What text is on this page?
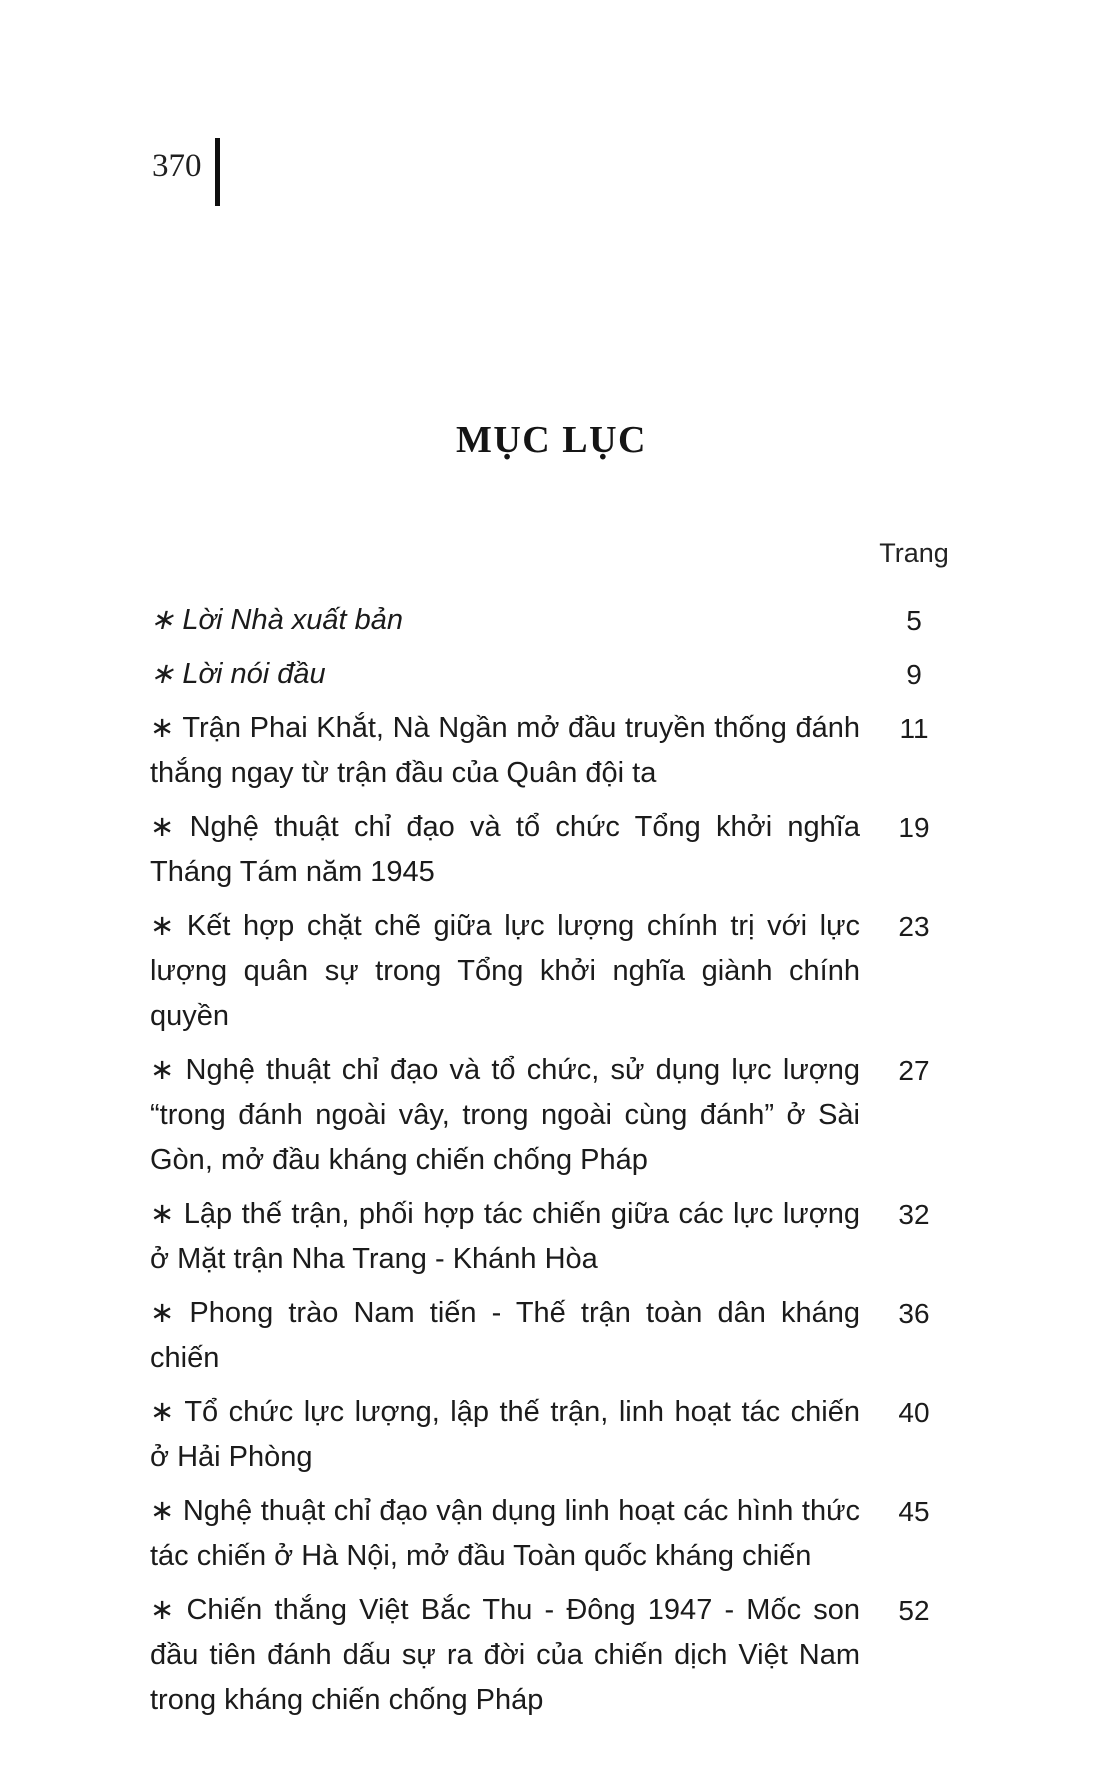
370
MỤC LỤC
Trang
∗ Lời Nhà xuất bản	5
∗ Lời nói đầu	9
∗ Trận Phai Khắt, Nà Ngần mở đầu truyền thống đánh thắng ngay từ trận đầu của Quân đội ta
11
∗ Nghệ thuật chỉ đạo và tổ chức Tổng khởi nghĩa Tháng Tám năm 1945
19
∗ Kết hợp chặt chẽ giữa lực lượng chính trị với lực lượng quân sự trong Tổng khởi nghĩa giành chính quyền
23
∗ Nghệ thuật chỉ đạo và tổ chức, sử dụng lực lượng “trong đánh ngoài vây, trong ngoài cùng đánh” ở Sài Gòn, mở đầu kháng chiến chống Pháp
27
∗ Lập thế trận, phối hợp tác chiến giữa các lực lượng ở Mặt trận Nha Trang - Khánh Hòa
32
∗ Phong trào Nam tiến - Thế trận toàn dân kháng chiến
36
∗ Tổ chức lực lượng, lập thế trận, linh hoạt tác chiến ở Hải Phòng
40
∗ Nghệ thuật chỉ đạo vận dụng linh hoạt các hình thức tác chiến ở Hà Nội, mở đầu Toàn quốc kháng chiến
45
∗ Chiến thắng Việt Bắc Thu - Đông 1947 - Mốc son đầu tiên đánh dấu sự ra đời của chiến dịch Việt Nam trong kháng chiến chống Pháp
52
